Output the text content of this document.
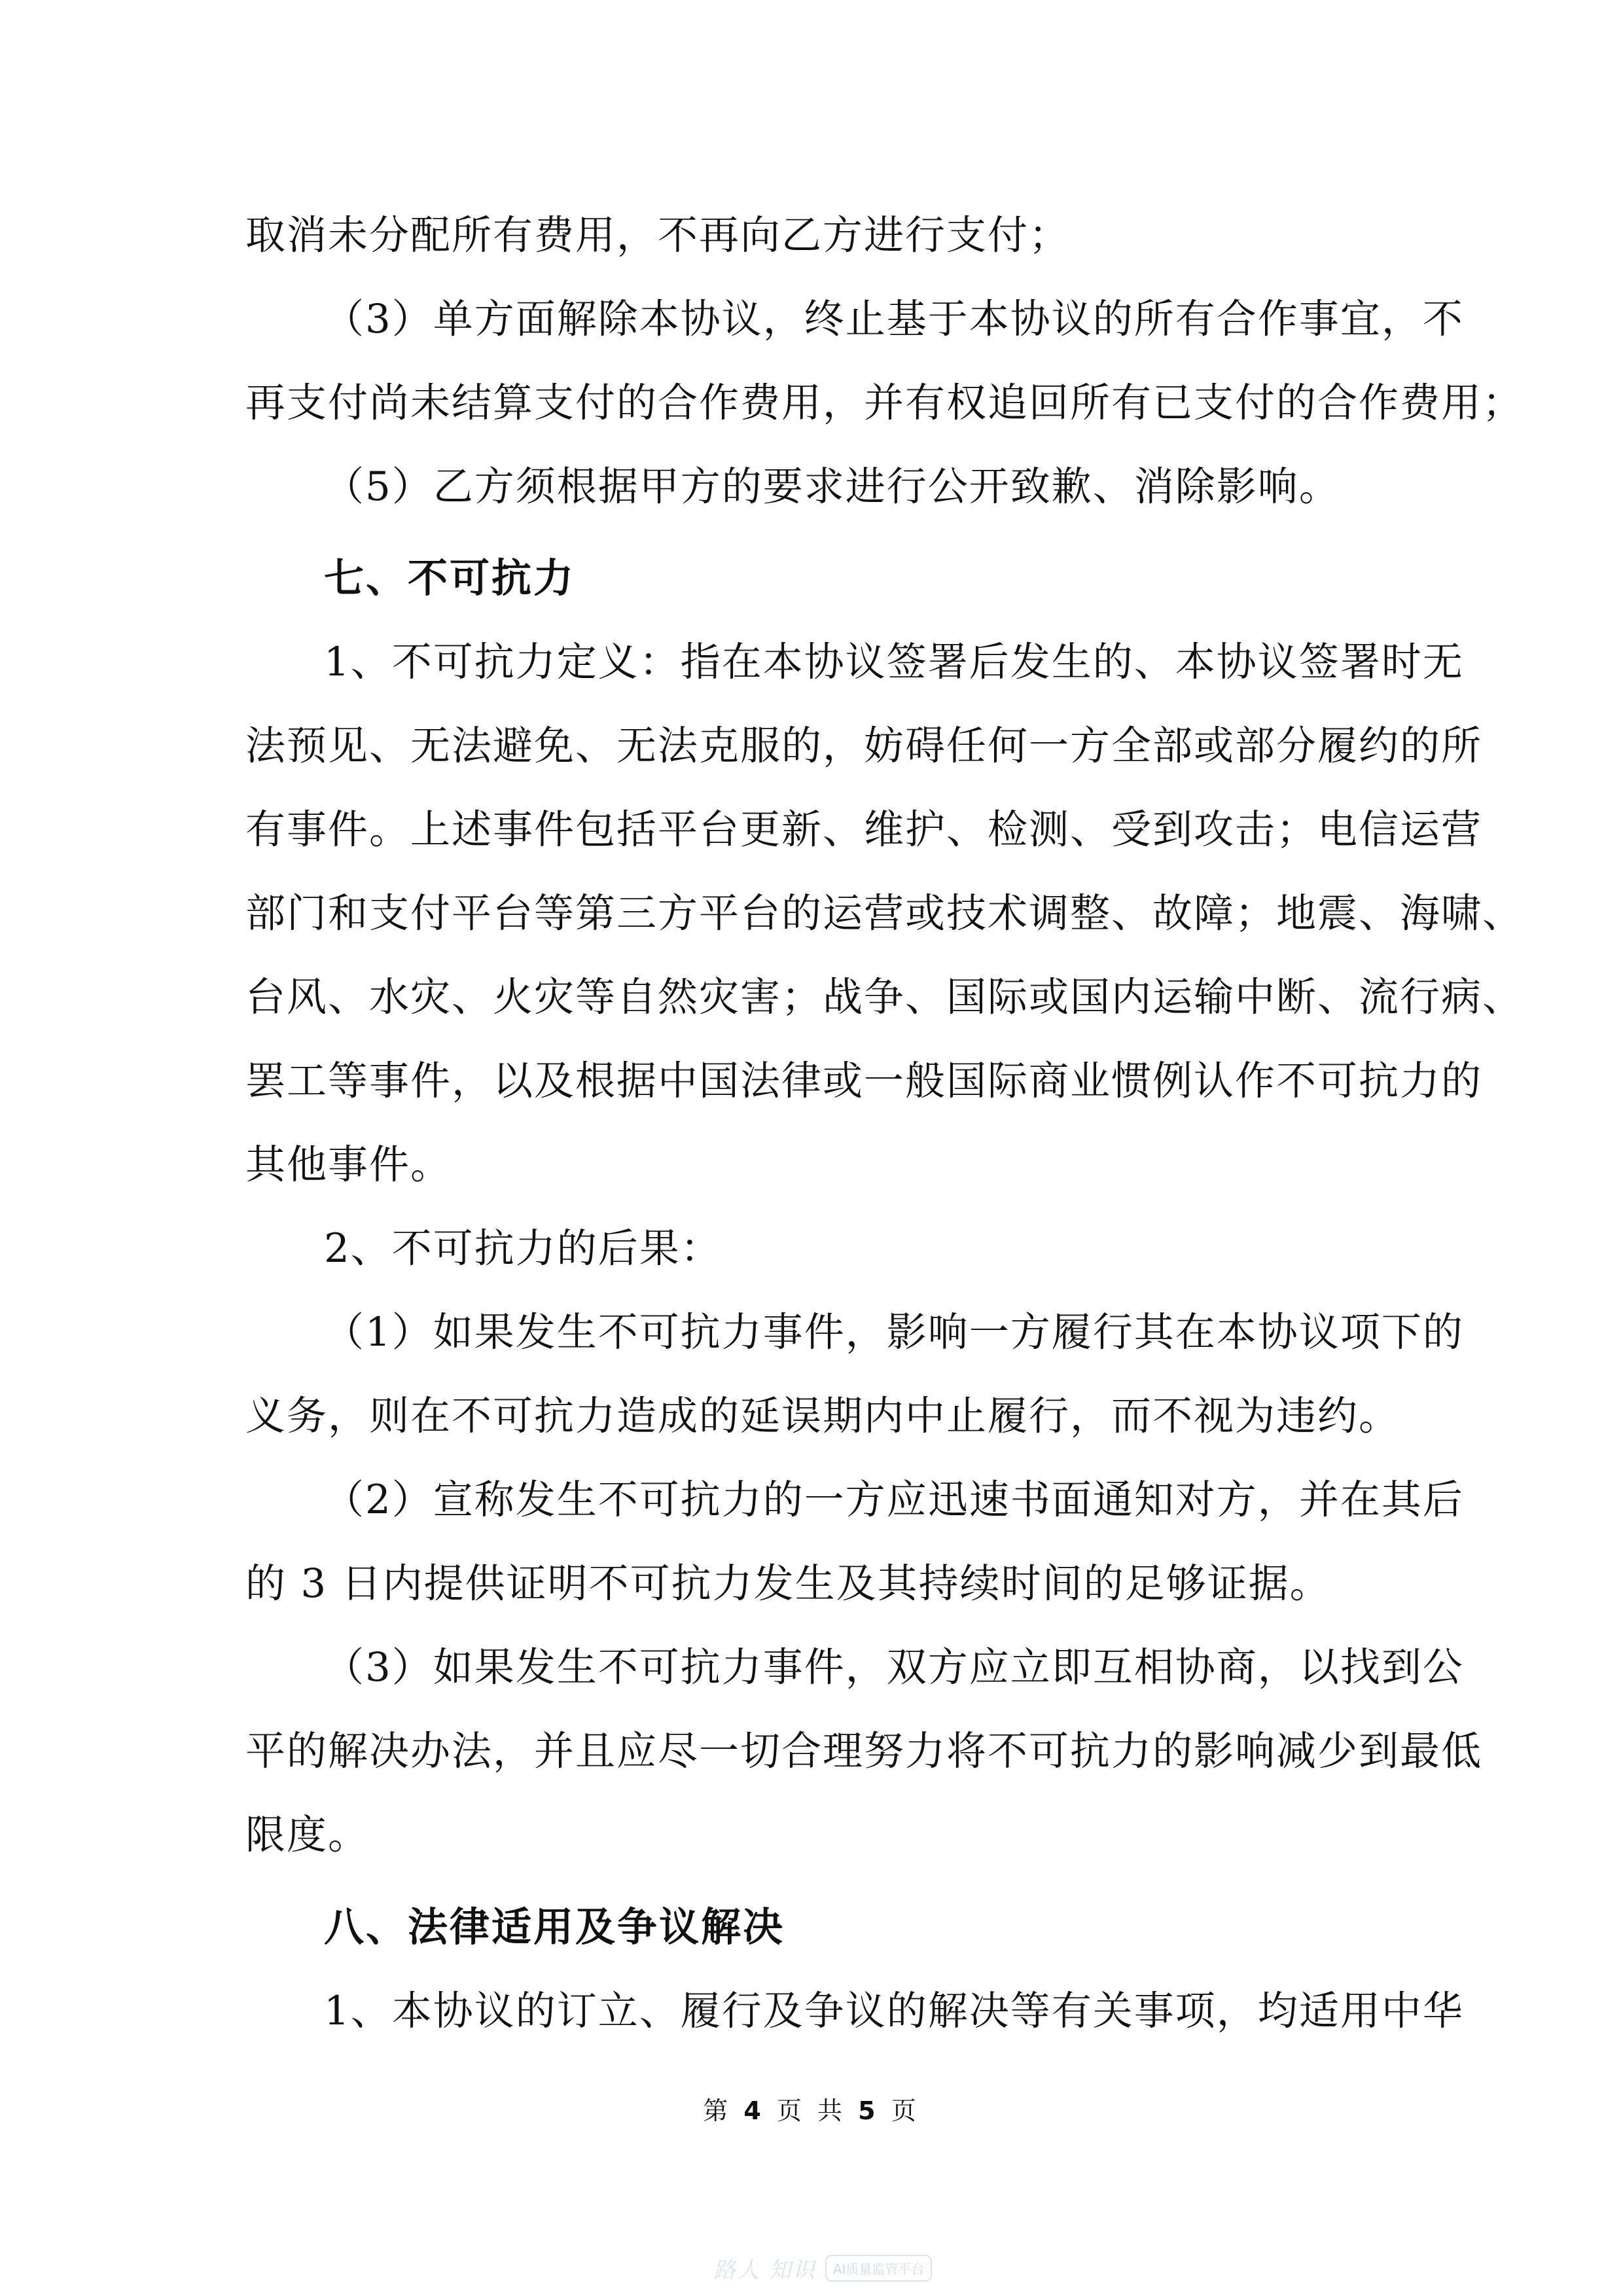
取消未分配所有费用，不再向乙方进行支付；
（3）单方面解除本协议，终止基于本协议的所有合作事宜，不
再支付尚未结算支付的合作费用，并有权追回所有已支付的合作费用；
（5）乙方须根据甲方的要求进行公开致歉、消除影响。
七、不可抗力
1、不可抗力定义：指在本协议签署后发生的、本协议签署时无
法预见、无法避免、无法克服的，妨碍任何一方全部或部分履约的所
有事件。上述事件包括平台更新、维护、检测、受到攻击；电信运营
部门和支付平台等第三方平台的运营或技术调整、故障；地震、海啸、
台风、水灾、火灾等自然灾害；战争、国际或国内运输中断、流行病、
罢工等事件，以及根据中国法律或一般国际商业惯例认作不可抗力的
其他事件。
2、不可抗力的后果：
（1）如果发生不可抗力事件，影响一方履行其在本协议项下的
义务，则在不可抗力造成的延误期内中止履行，而不视为违约。
（2）宣称发生不可抗力的一方应迅速书面通知对方，并在其后
的 3 日内提供证明不可抗力发生及其持续时间的足够证据。
（3）如果发生不可抗力事件，双方应立即互相协商，以找到公
平的解决办法，并且应尽一切合理努力将不可抗力的影响减少到最低
限度。
八、法律适用及争议解决
1、本协议的订立、履行及争议的解决等有关事项，均适用中华
第 4 页 共 5 页
路人 知识	AI质量监管平台
